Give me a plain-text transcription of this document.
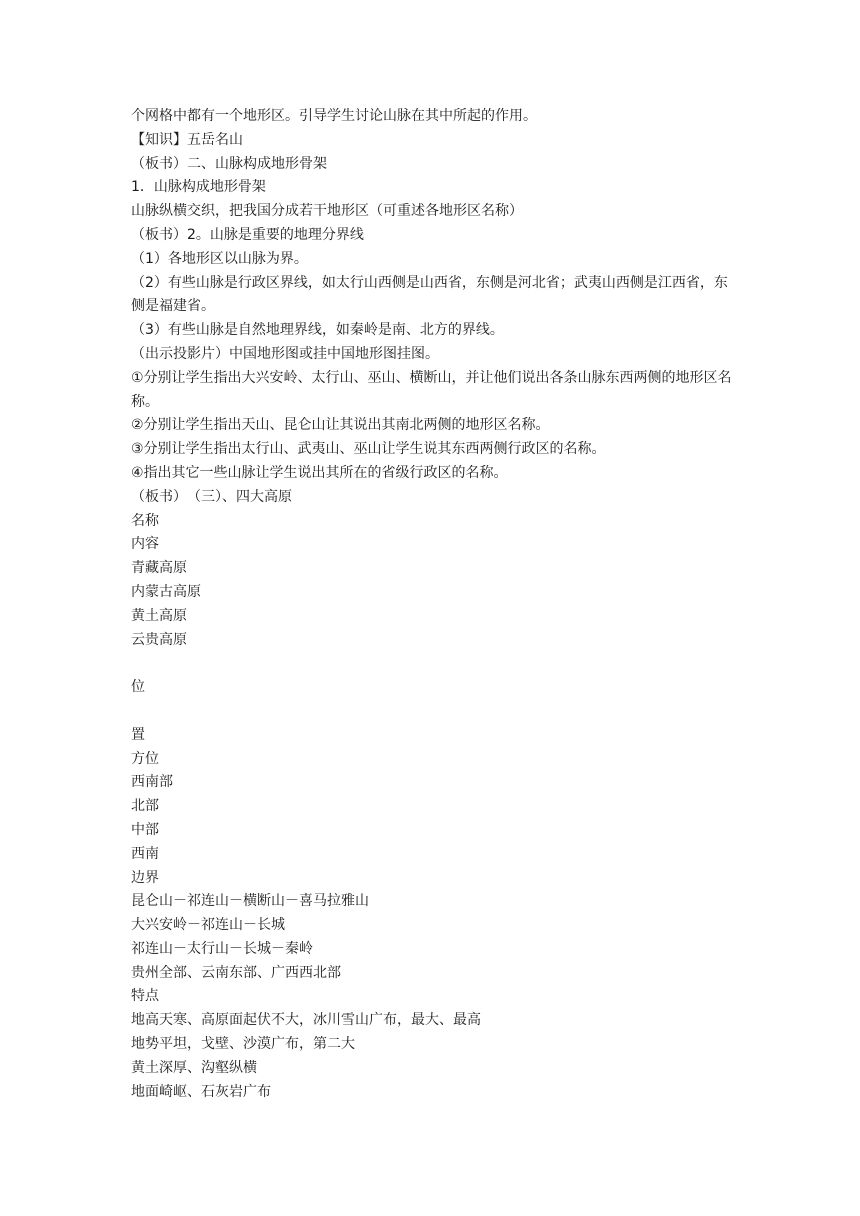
个网格中都有一个地形区。引导学生讨论山脉在其中所起的作用。
【知识】五岳名山
（板书）二、山脉构成地形骨架
1．山脉构成地形骨架
山脉纵横交织，把我国分成若干地形区（可重述各地形区名称）
（板书）2。山脉是重要的地理分界线
（1）各地形区以山脉为界。
（2）有些山脉是行政区界线，如太行山西侧是山西省，东侧是河北省；武夷山西侧是江西省，东侧是福建省。
（3）有些山脉是自然地理界线，如秦岭是南、北方的界线。
（出示投影片）中国地形图或挂中国地形图挂图。
①分别让学生指出大兴安岭、太行山、巫山、横断山，并让他们说出各条山脉东西两侧的地形区名称。
②分别让学生指出天山、昆仑山让其说出其南北两侧的地形区名称。
③分别让学生指出太行山、武夷山、巫山让学生说其东西两侧行政区的名称。
④指出其它一些山脉让学生说出其所在的省级行政区的名称。
（板书）　（三）、四大高原
名称
内容
青藏高原
内蒙古高原
黄土高原
云贵高原
位
置
方位
西南部
北部
中部
西南
边界
昆仑山－祁连山－横断山－喜马拉雅山
大兴安岭－祁连山－长城
祁连山－太行山－长城－秦岭
贵州全部、云南东部、广西西北部
特点
地高天寒、高原面起伏不大，冰川雪山广布，最大、最高
地势平坦，戈壁、沙漠广布，第二大
黄土深厚、沟壑纵横
地面崎岖、石灰岩广布
